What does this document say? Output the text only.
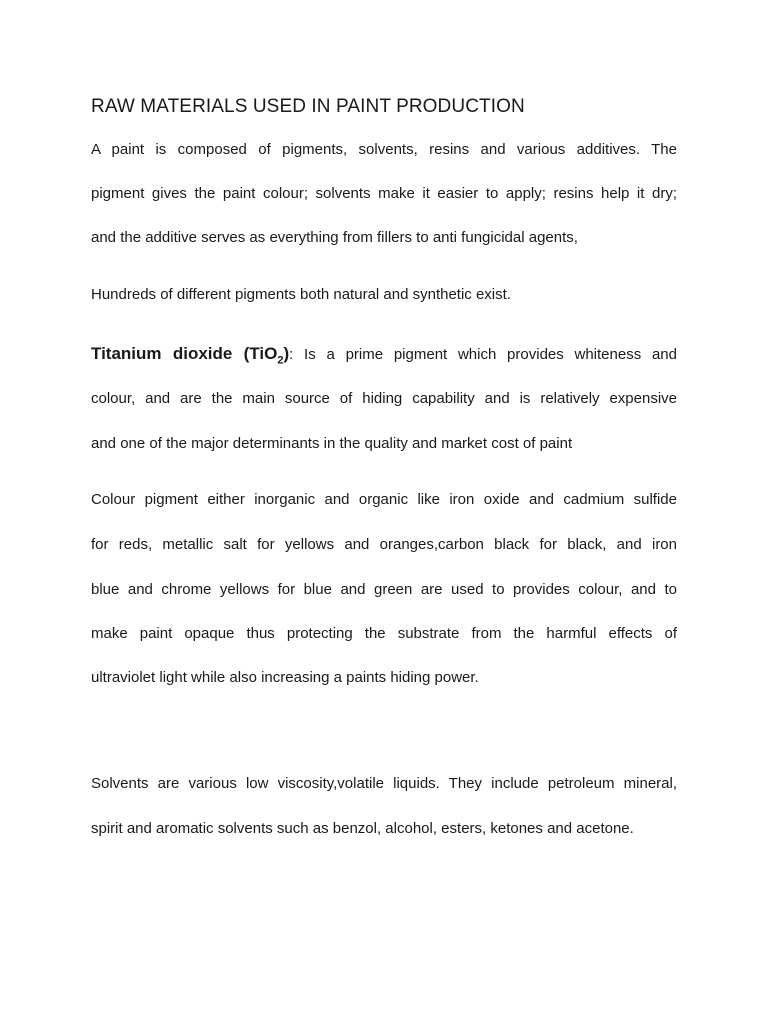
RAW MATERIALS USED IN PAINT PRODUCTION

A paint is composed of pigments, solvents, resins and various additives. The

pigment gives the paint colour; solvents make it easier to apply; resins help it dry;

and the additive serves as everything from fillers to anti fungicidal agents,

Hundreds of different pigments both natural and synthetic exist.

Titanium dioxide (TiO$_2$): Is a prime pigment which provides whiteness and

colour, and are the main source of hiding capability and is relatively expensive

and one of the major determinants in the quality and market cost of paint

Colour pigment either inorganic and organic like iron oxide and cadmium sulfide

for reds, metallic salt for yellows and oranges,carbon black for black, and iron

blue and chrome yellows for blue and green are used to provides colour, and to

make paint opaque thus protecting the substrate from the harmful effects of

ultraviolet light while also increasing a paints hiding power.

Solvents are various low viscosity,volatile liquids. They include petroleum mineral,

spirit and aromatic solvents such as benzol, alcohol, esters, ketones and acetone.
